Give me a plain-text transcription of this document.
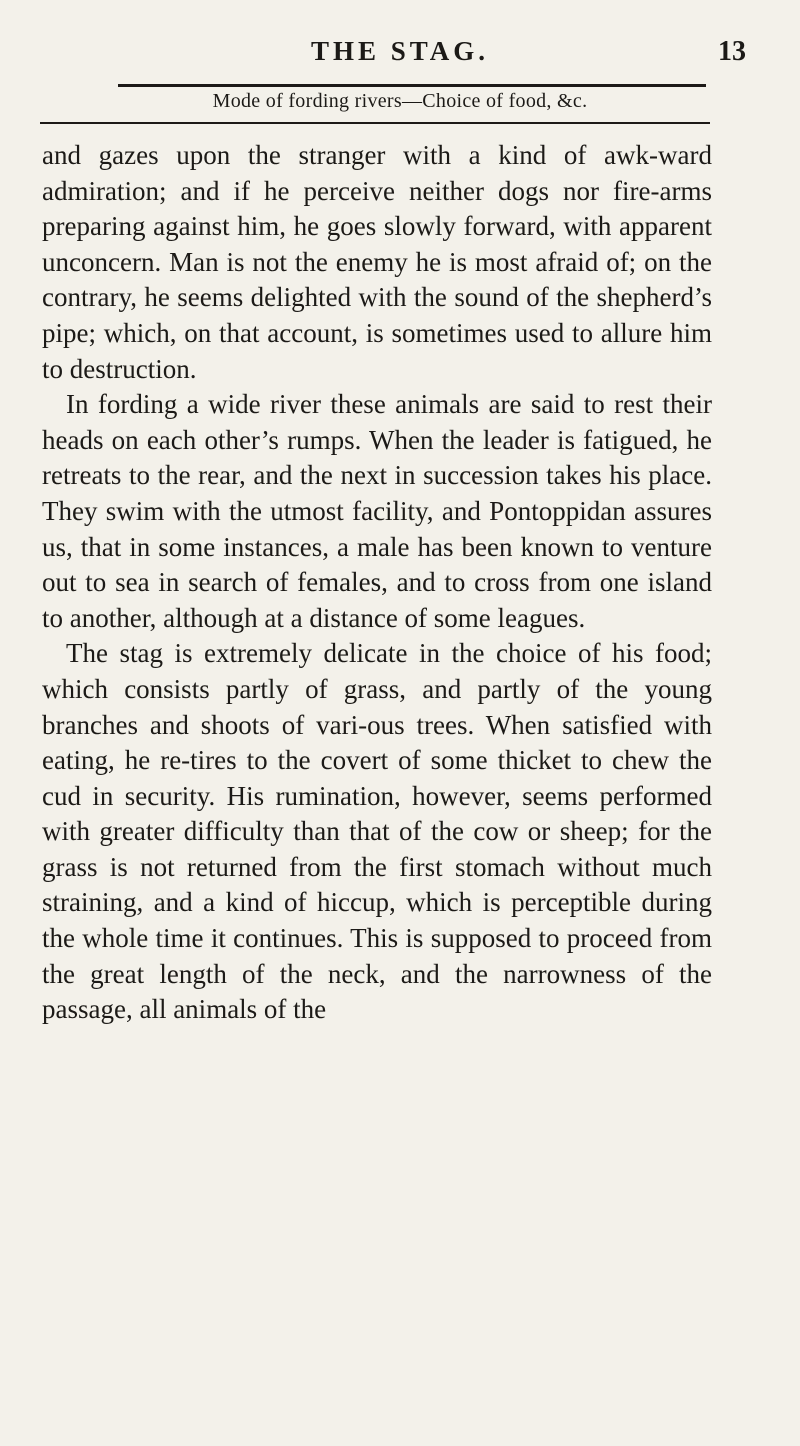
THE STAG.	13
Mode of fording rivers—Choice of food, &c.

and gazes upon the stranger with a kind of awk-ward admiration; and if he perceive neither dogs nor fire-arms preparing against him, he goes slowly forward, with apparent unconcern. Man is not the enemy he is most afraid of; on the contrary, he seems delighted with the sound of the shepherd’s pipe; which, on that account, is sometimes used to allure him to destruction.

In fording a wide river these animals are said to rest their heads on each other’s rumps. When the leader is fatigued, he retreats to the rear, and the next in succession takes his place. They swim with the utmost facility, and Pontoppidan assures us, that in some instances, a male has been known to venture out to sea in search of females, and to cross from one island to another, although at a distance of some leagues.

The stag is extremely delicate in the choice of his food; which consists partly of grass, and partly of the young branches and shoots of vari-ous trees. When satisfied with eating, he re-tires to the covert of some thicket to chew the cud in security. His rumination, however, seems performed with greater difficulty than that of the cow or sheep; for the grass is not returned from the first stomach without much straining, and a kind of hiccup, which is perceptible during the whole time it continues. This is supposed to proceed from the great length of the neck, and the narrowness of the passage, all animals of the
